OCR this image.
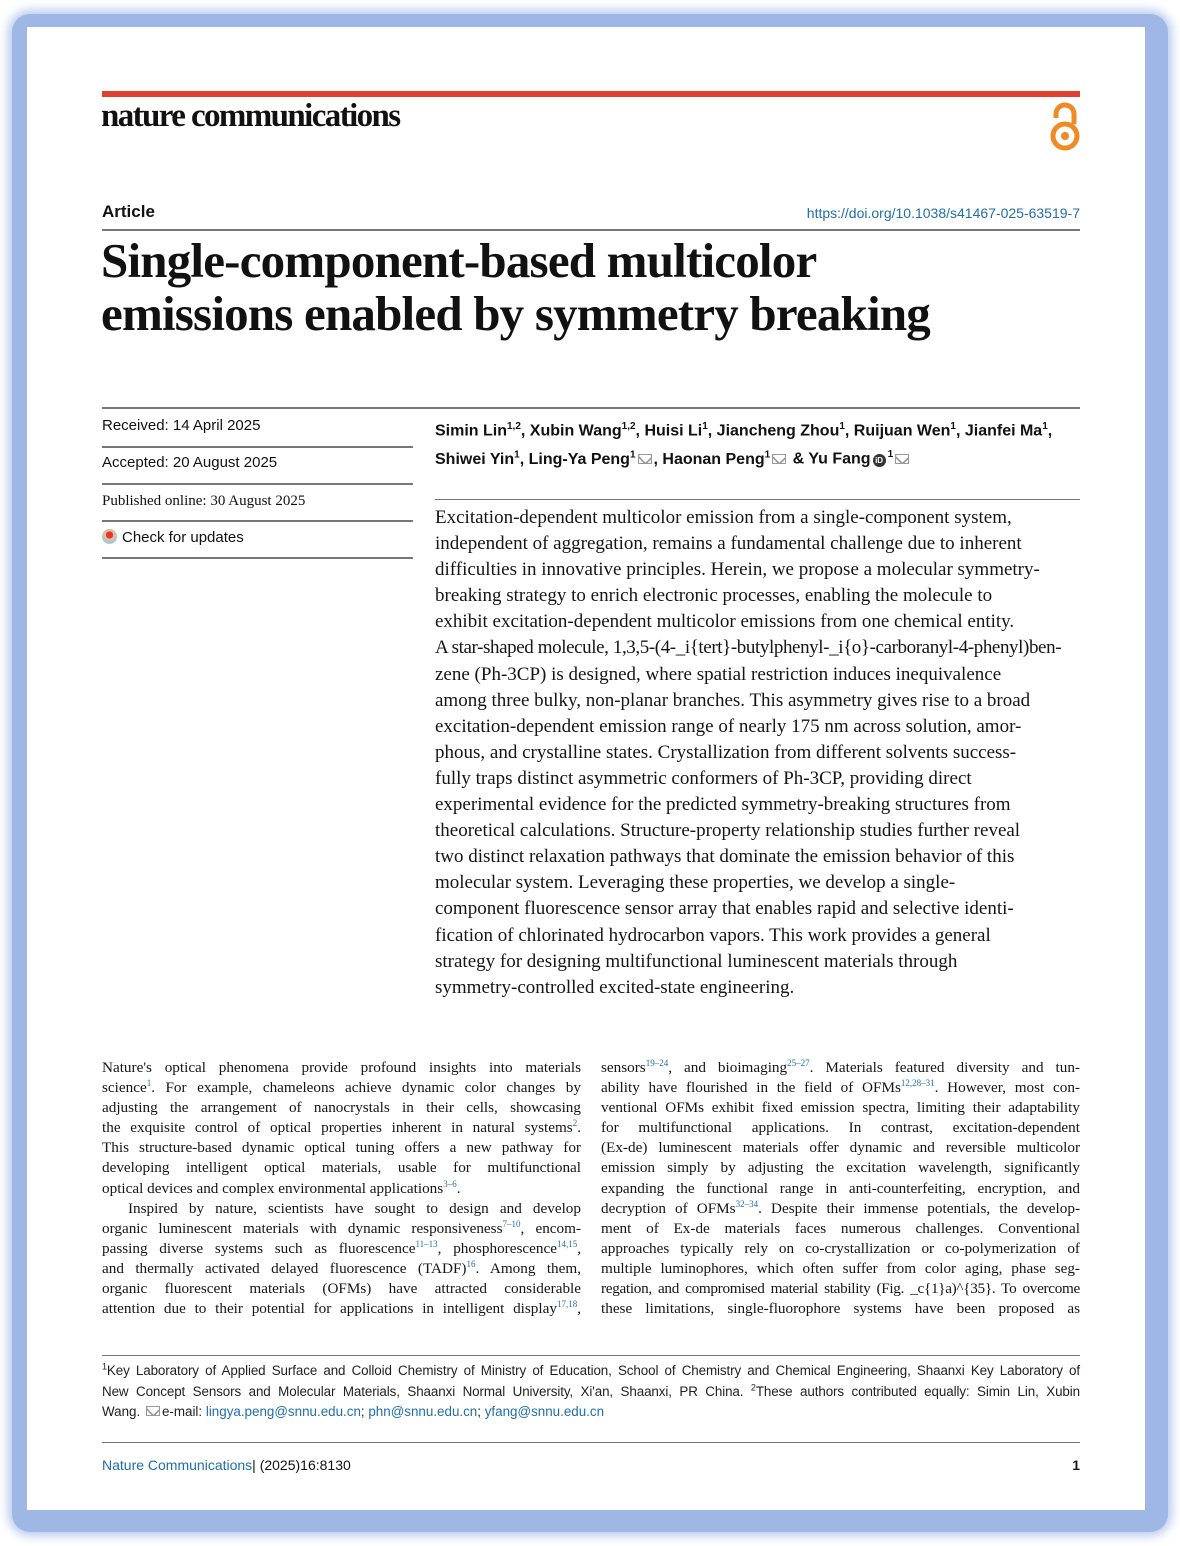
nature communications
Article	https://doi.org/10.1038/s41467-025-63519-7
Single-component-based multicolor
emissions enabled by symmetry breaking
Received: 14 April 2025
Accepted: 20 August 2025
Published online: 30 August 2025
Check for updates
Simin Lin$^{1,2}$, Xubin Wang$^{1,2}$, Huisi Li$^1$, Jiancheng Zhou$^1$, Ruijuan Wen$^1$, Jianfei Ma$^1$,
Shiwei Yin$^1$, Ling-Ya Peng$^1$ , Haonan Peng$^1$ & Yu Fang iD $^1$
Excitation-dependent multicolor emission from a single-component system,
independent of aggregation, remains a fundamental challenge due to inherent
difficulties in innovative principles. Herein, we propose a molecular symmetry-
breaking strategy to enrich electronic processes, enabling the molecule to
exhibit excitation-dependent multicolor emissions from one chemical entity.
A star-shaped molecule, 1,3,5-(4-_i{tert}-butylphenyl-_i{o}-carboranyl-4-phenyl)ben-
zene (Ph-3CP) is designed, where spatial restriction induces inequivalence
among three bulky, non-planar branches. This asymmetry gives rise to a broad
excitation-dependent emission range of nearly 175 nm across solution, amor-
phous, and crystalline states. Crystallization from different solvents success-
fully traps distinct asymmetric conformers of Ph-3CP, providing direct
experimental evidence for the predicted symmetry-breaking structures from
theoretical calculations. Structure-property relationship studies further reveal
two distinct relaxation pathways that dominate the emission behavior of this
molecular system. Leveraging these properties, we develop a single-
component fluorescence sensor array that enables rapid and selective identi-
fication of chlorinated hydrocarbon vapors. This work provides a general
strategy for designing multifunctional luminescent materials through
symmetry-controlled excited-state engineering.
Nature's optical phenomena provide profound insights into materials
science$^1$. For example, chameleons achieve dynamic color changes by
adjusting the arrangement of nanocrystals in their cells, showcasing
the exquisite control of optical properties inherent in natural systems$^2$.
This structure-based dynamic optical tuning offers a new pathway for
developing intelligent optical materials, usable for multifunctional
optical devices and complex environmental applications$^{3-6}$.
Inspired by nature, scientists have sought to design and develop
organic luminescent materials with dynamic responsiveness$^{7-10}$, encom-
passing diverse systems such as fluorescence$^{11-13}$, phosphorescence$^{14,15}$,
and thermally activated delayed fluorescence (TADF)$^{16}$. Among them,
organic fluorescent materials (OFMs) have attracted considerable
attention due to their potential for applications in intelligent display$^{17,18}$,
sensors$^{19-24}$, and bioimaging$^{25-27}$. Materials featured diversity and tun-
ability have flourished in the field of OFMs$^{12,28-31}$. However, most con-
ventional OFMs exhibit fixed emission spectra, limiting their adaptability
for multifunctional applications. In contrast, excitation-dependent
(Ex-de) luminescent materials offer dynamic and reversible multicolor
emission simply by adjusting the excitation wavelength, significantly
expanding the functional range in anti-counterfeiting, encryption, and
decryption of OFMs$^{32-34}$. Despite their immense potentials, the develop-
ment of Ex-de materials faces numerous challenges. Conventional
approaches typically rely on co-crystallization or co-polymerization of
multiple luminophores, which often suffer from color aging, phase seg-
regation, and compromised material stability (Fig. _c{1}a)^{35}. To overcome
these limitations, single-fluorophore systems have been proposed as
$^1$Key Laboratory of Applied Surface and Colloid Chemistry of Ministry of Education, School of Chemistry and Chemical Engineering, Shaanxi Key Laboratory of
New Concept Sensors and Molecular Materials, Shaanxi Normal University, Xi'an, Shaanxi, PR China. $^2$These authors contributed equally: Simin Lin, Xubin
Wang. e-mail: lingya.peng@snnu.edu.cn; phn@snnu.edu.cn; yfang@snnu.edu.cn
Nature Communications| (2025)16:8130	1
